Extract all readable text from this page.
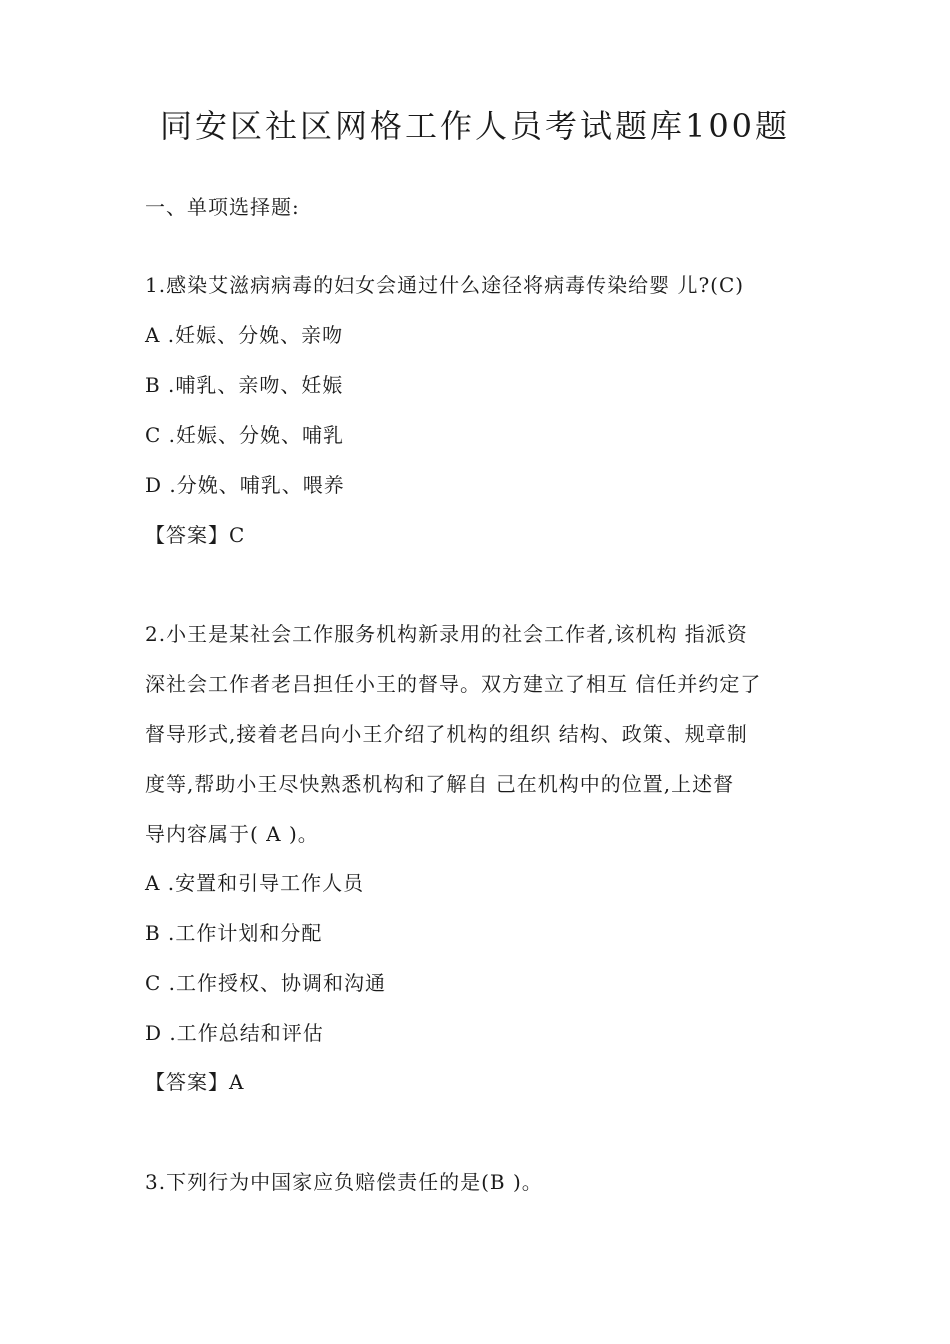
同安区社区网格工作人员考试题库100题
一、单项选择题:
1.感染艾滋病病毒的妇女会通过什么途径将病毒传染给婴 儿?(C)
A .妊娠、分娩、亲吻
B .哺乳、亲吻、妊娠
C .妊娠、分娩、哺乳
D .分娩、哺乳、喂养
【答案】C
2.小王是某社会工作服务机构新录用的社会工作者,该机构 指派资
深社会工作者老吕担任小王的督导。双方建立了相互 信任并约定了
督导形式,接着老吕向小王介绍了机构的组织 结构、政策、规章制
度等,帮助小王尽快熟悉机构和了解自 己在机构中的位置,上述督
导内容属于( A )。
A .安置和引导工作人员
B .工作计划和分配
C .工作授权、协调和沟通
D .工作总结和评估
【答案】A
3.下列行为中国家应负赔偿责任的是(B )。
